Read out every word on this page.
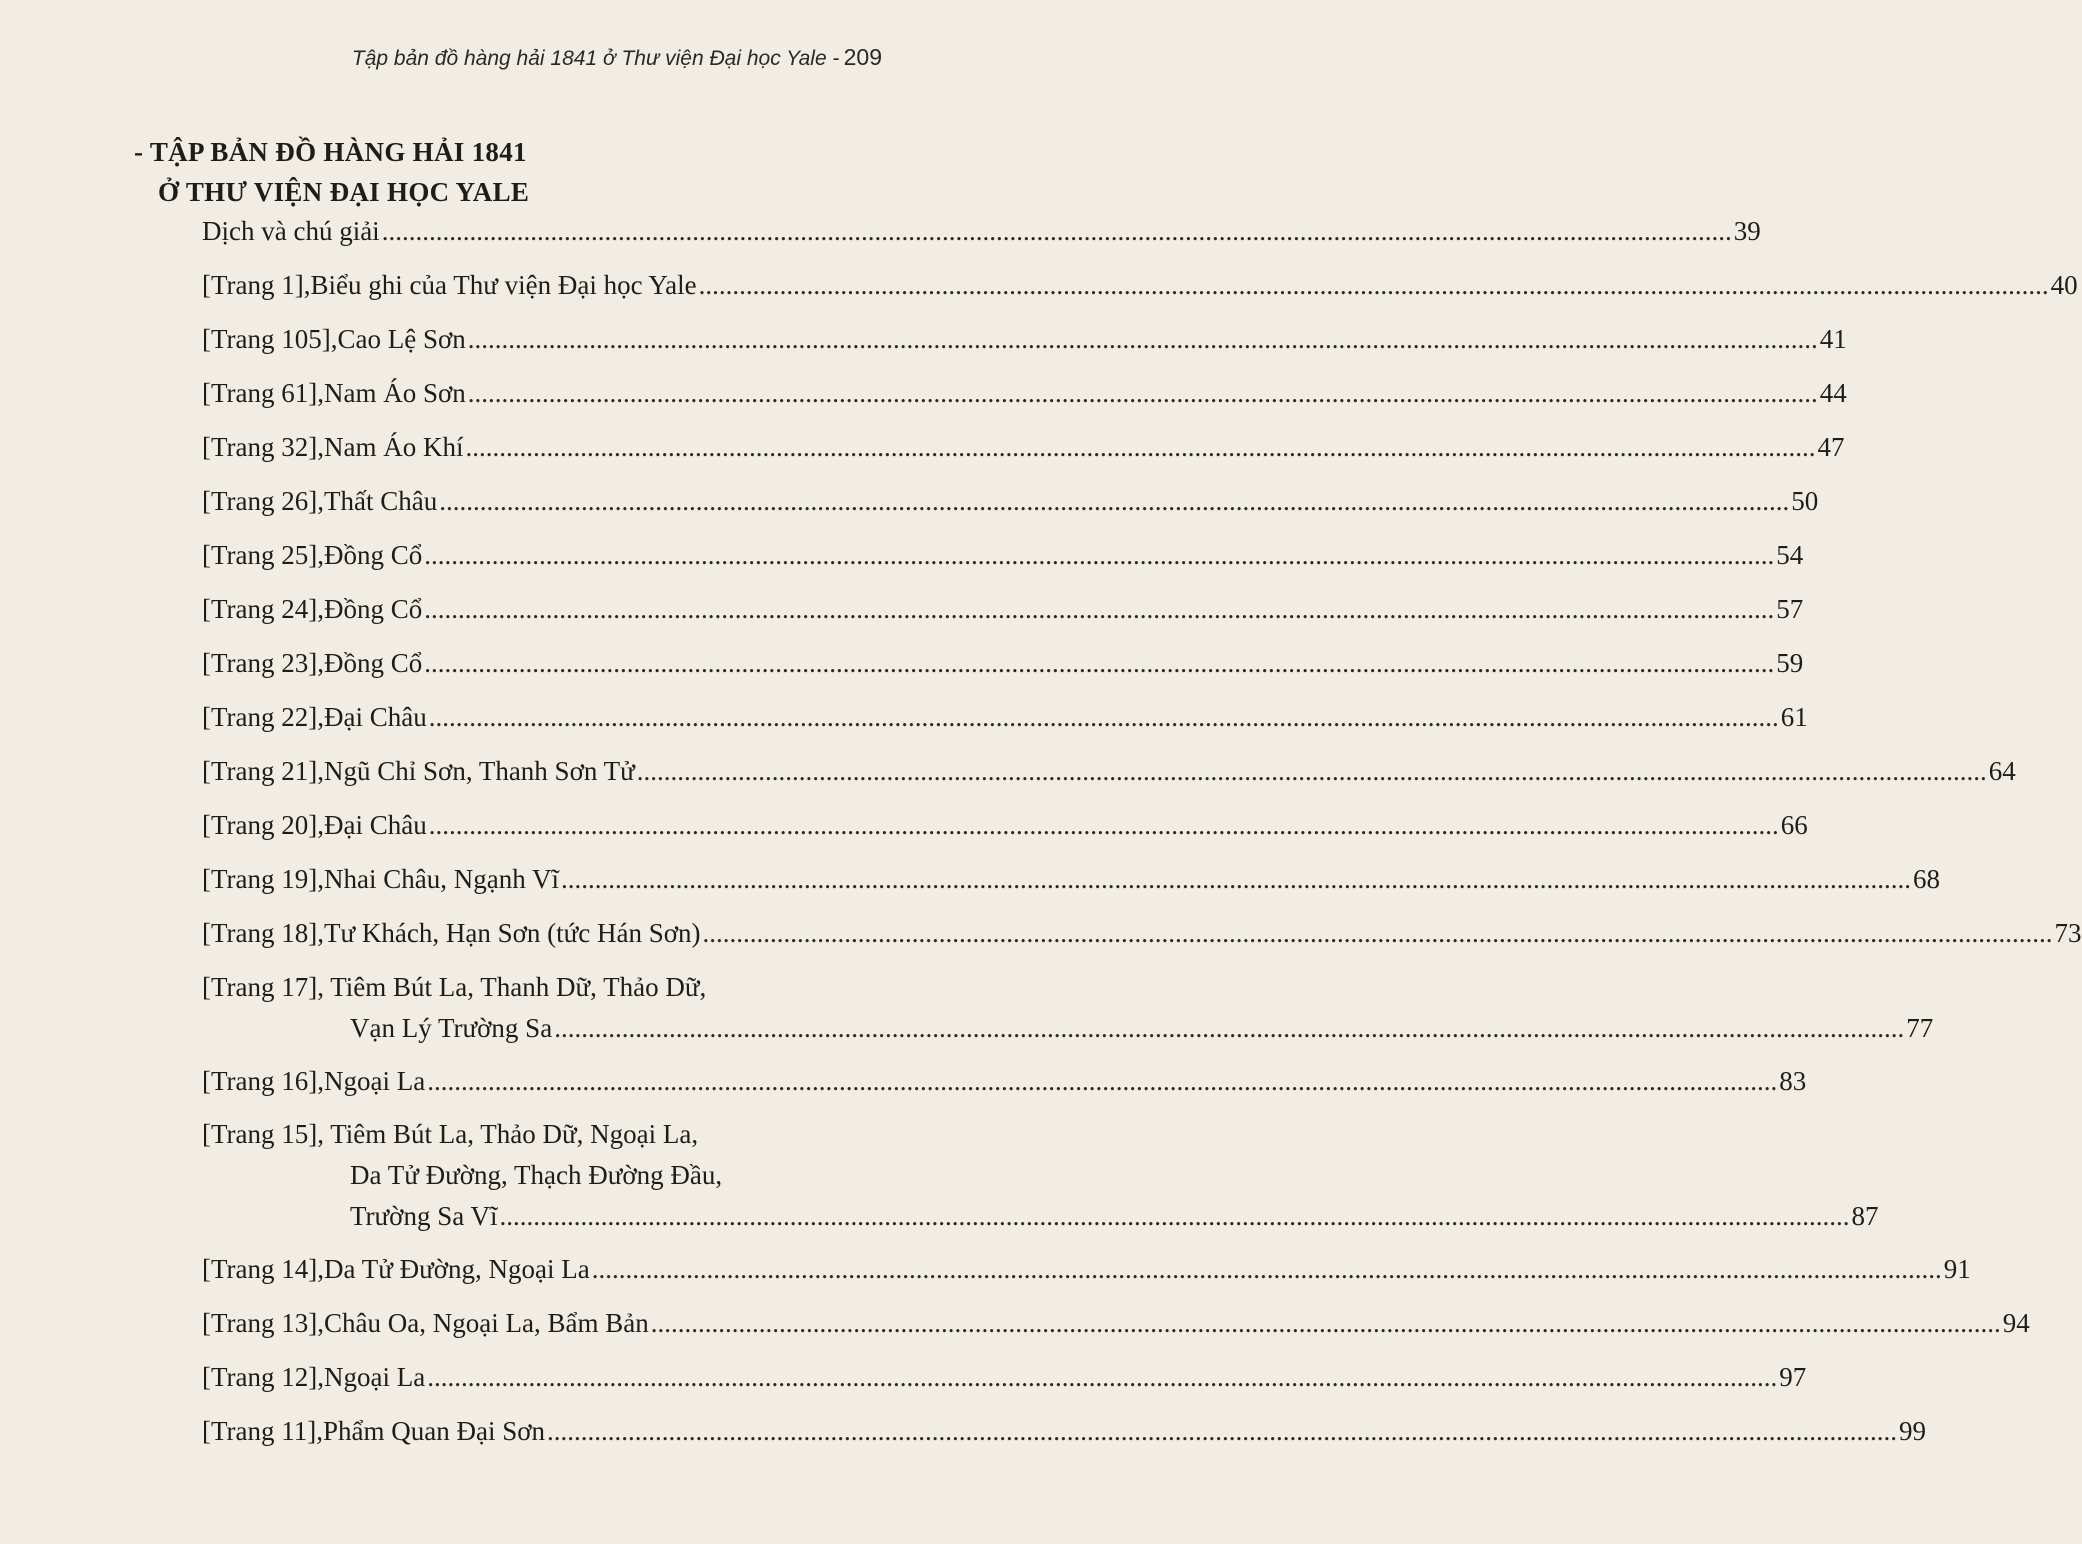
Tập bản đồ hàng hải 1841 ở Thư viện Đại học Yale - 209
- TẬP BẢN ĐỒ HÀNG HẢI 1841
Ở THƯ VIỆN ĐẠI HỌC YALE
Dịch và chú giải ........................................................................................................................................................................................................ 39
[Trang 1], Biểu ghi của Thư viện Đại học Yale ........................................................................................................................................................................................................ 40
[Trang 105], Cao Lệ Sơn ........................................................................................................................................................................................................ 41
[Trang 61], Nam Áo Sơn ........................................................................................................................................................................................................ 44
[Trang 32], Nam Áo Khí ........................................................................................................................................................................................................ 47
[Trang 26], Thất Châu ........................................................................................................................................................................................................ 50
[Trang 25], Đồng Cổ ........................................................................................................................................................................................................ 54
[Trang 24], Đồng Cổ ........................................................................................................................................................................................................ 57
[Trang 23], Đồng Cổ ........................................................................................................................................................................................................ 59
[Trang 22], Đại Châu ........................................................................................................................................................................................................ 61
[Trang 21], Ngũ Chỉ Sơn, Thanh Sơn Tử ........................................................................................................................................................................................................ 64
[Trang 20], Đại Châu ........................................................................................................................................................................................................ 66
[Trang 19], Nhai Châu, Ngạnh Vĩ ........................................................................................................................................................................................................ 68
[Trang 18], Tư Khách, Hạn Sơn (tức Hán Sơn) ........................................................................................................................................................................................................ 73
[Trang 17], Tiêm Bút La, Thanh Dữ, Thảo Dữ,
Vạn Lý Trường Sa ........................................................................................................................................................................................................ 77
[Trang 16], Ngoại La ........................................................................................................................................................................................................ 83
[Trang 15], Tiêm Bút La, Thảo Dữ, Ngoại La,
Da Tử Đường, Thạch Đường Đầu,
Trường Sa Vĩ ........................................................................................................................................................................................................ 87
[Trang 14], Da Tử Đường, Ngoại La ........................................................................................................................................................................................................ 91
[Trang 13], Châu Oa, Ngoại La, Bẩm Bản ........................................................................................................................................................................................................ 94
[Trang 12], Ngoại La ........................................................................................................................................................................................................ 97
[Trang 11], Phẩm Quan Đại Sơn ........................................................................................................................................................................................................ 99
